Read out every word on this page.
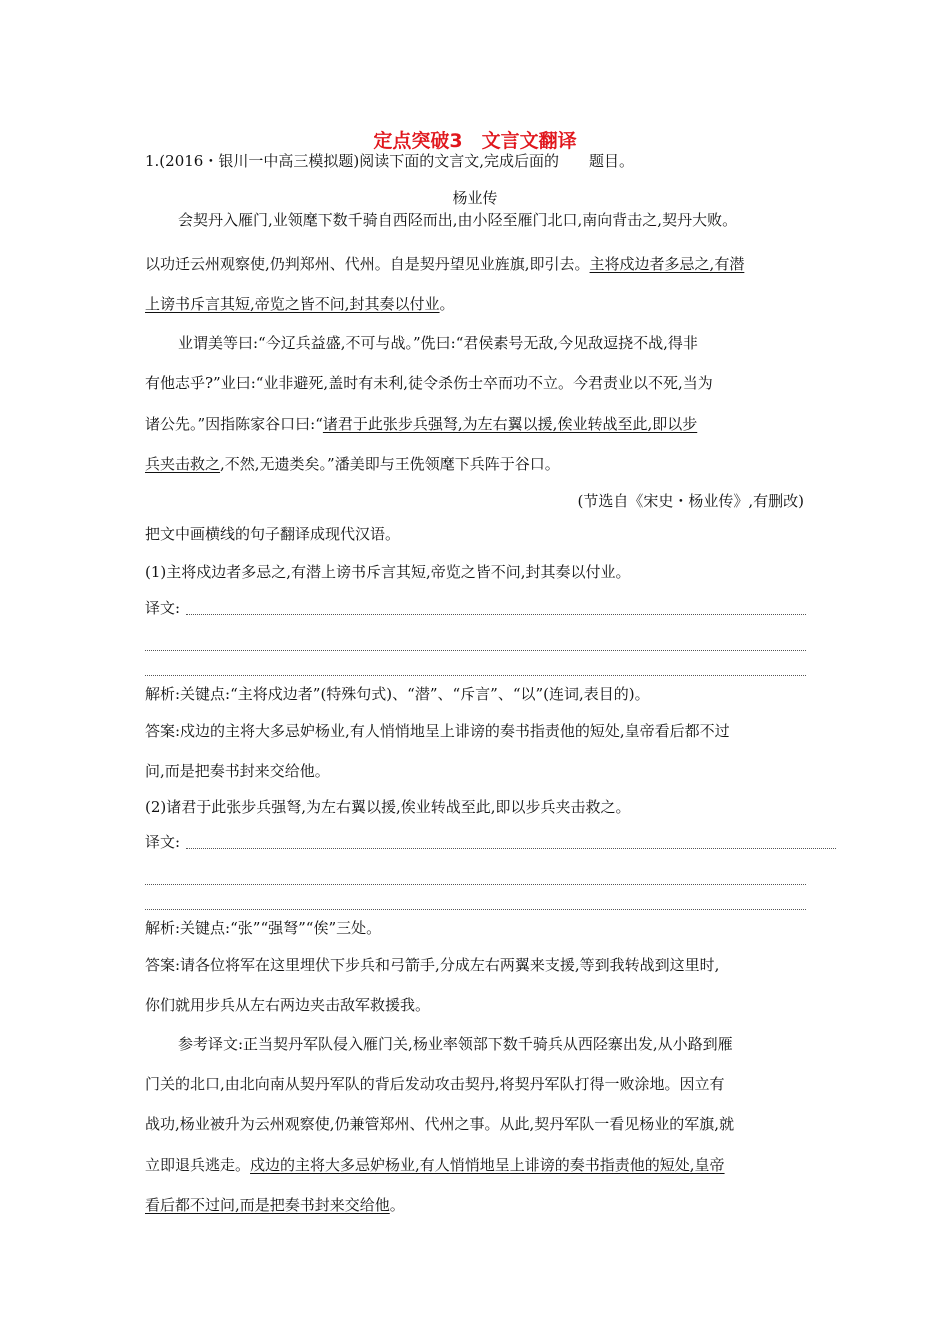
定点突破3　文言文翻译
1.(2016・银川一中高三模拟题)阅读下面的文言文,完成后面的　　题目。
杨业传
会契丹入雁门,业领麾下数千骑自西陉而出,由小陉至雁门北口,南向背击之,契丹大败。
以功迁云州观察使,仍判郑州、代州。自是契丹望见业旌旗,即引去。主将戍边者多忌之,有潜
上谤书斥言其短,帝览之皆不问,封其奏以付业。
业谓美等曰:“今辽兵益盛,不可与战。”侁曰:“君侯素号无敌,今见敌逗挠不战,得非
有他志乎?”业曰:“业非避死,盖时有未利,徒令杀伤士卒而功不立。今君责业以不死,当为
诸公先。”因指陈家谷口曰:“诸君于此张步兵强弩,为左右翼以援,俟业转战至此,即以步
兵夹击救之,不然,无遗类矣。”潘美即与王侁领麾下兵阵于谷口。
(节选自《宋史・杨业传》,有删改)
把文中画横线的句子翻译成现代汉语。
(1)主将戍边者多忌之,有潜上谤书斥言其短,帝览之皆不问,封其奏以付业。
译文:
解析:关键点:“主将戍边者”(特殊句式)、“潜”、“斥言”、“以”(连词,表目的)。
答案:戍边的主将大多忌妒杨业,有人悄悄地呈上诽谤的奏书指责他的短处,皇帝看后都不过
问,而是把奏书封来交给他。
(2)诸君于此张步兵强弩,为左右翼以援,俟业转战至此,即以步兵夹击救之。
译文:
解析:关键点:“张”“强弩”“俟”三处。
答案:请各位将军在这里埋伏下步兵和弓箭手,分成左右两翼来支援,等到我转战到这里时,
你们就用步兵从左右两边夹击敌军救援我。
参考译文:正当契丹军队侵入雁门关,杨业率领部下数千骑兵从西陉寨出发,从小路到雁
门关的北口,由北向南从契丹军队的背后发动攻击契丹,将契丹军队打得一败涂地。因立有
战功,杨业被升为云州观察使,仍兼管郑州、代州之事。从此,契丹军队一看见杨业的军旗,就
立即退兵逃走。戍边的主将大多忌妒杨业,有人悄悄地呈上诽谤的奏书指责他的短处,皇帝
看后都不过问,而是把奏书封来交给他。
